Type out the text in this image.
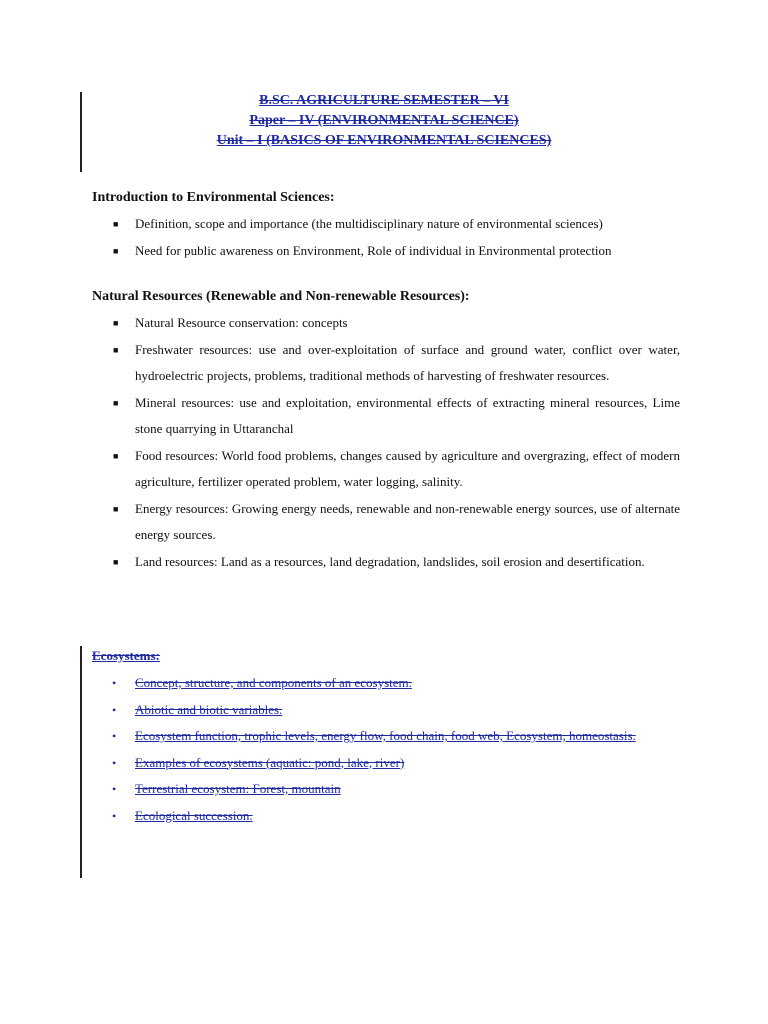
B.SC. AGRICULTURE SEMESTER – VI
Paper – IV (ENVIRONMENTAL SCIENCE)
Unit – I (BASICS OF ENVIRONMENTAL SCIENCES)

Introduction to Environmental Sciences:

■ Definition, scope and importance (the multidisciplinary nature of environmental sciences)
■ Need for public awareness on Environment, Role of individual in Environmental protection

Natural Resources (Renewable and Non-renewable Resources):

■ Natural Resource conservation: concepts
■ Freshwater resources: use and over-exploitation of surface and ground water, conflict over water, hydroelectric projects, problems, traditional methods of harvesting of freshwater resources.
■ Mineral resources: use and exploitation, environmental effects of extracting mineral resources, Lime stone quarrying in Uttaranchal
■ Food resources: World food problems, changes caused by agriculture and overgrazing, effect of modern agriculture, fertilizer operated problem, water logging, salinity.
■ Energy resources: Growing energy needs, renewable and non-renewable energy sources, use of alternate energy sources.
■ Land resources: Land as a resources, land degradation, landslides, soil erosion and desertification.

Ecosystems:

• Concept, structure, and components of an ecosystem.
• Abiotic and biotic variables.
• Ecosystem function, trophic levels, energy flow, food chain, food web, Ecosystem, homeostasis.
• Examples of ecosystems (aquatic: pond, lake, river)
• Terrestrial ecosystem: Forest, mountain
• Ecological succession.
